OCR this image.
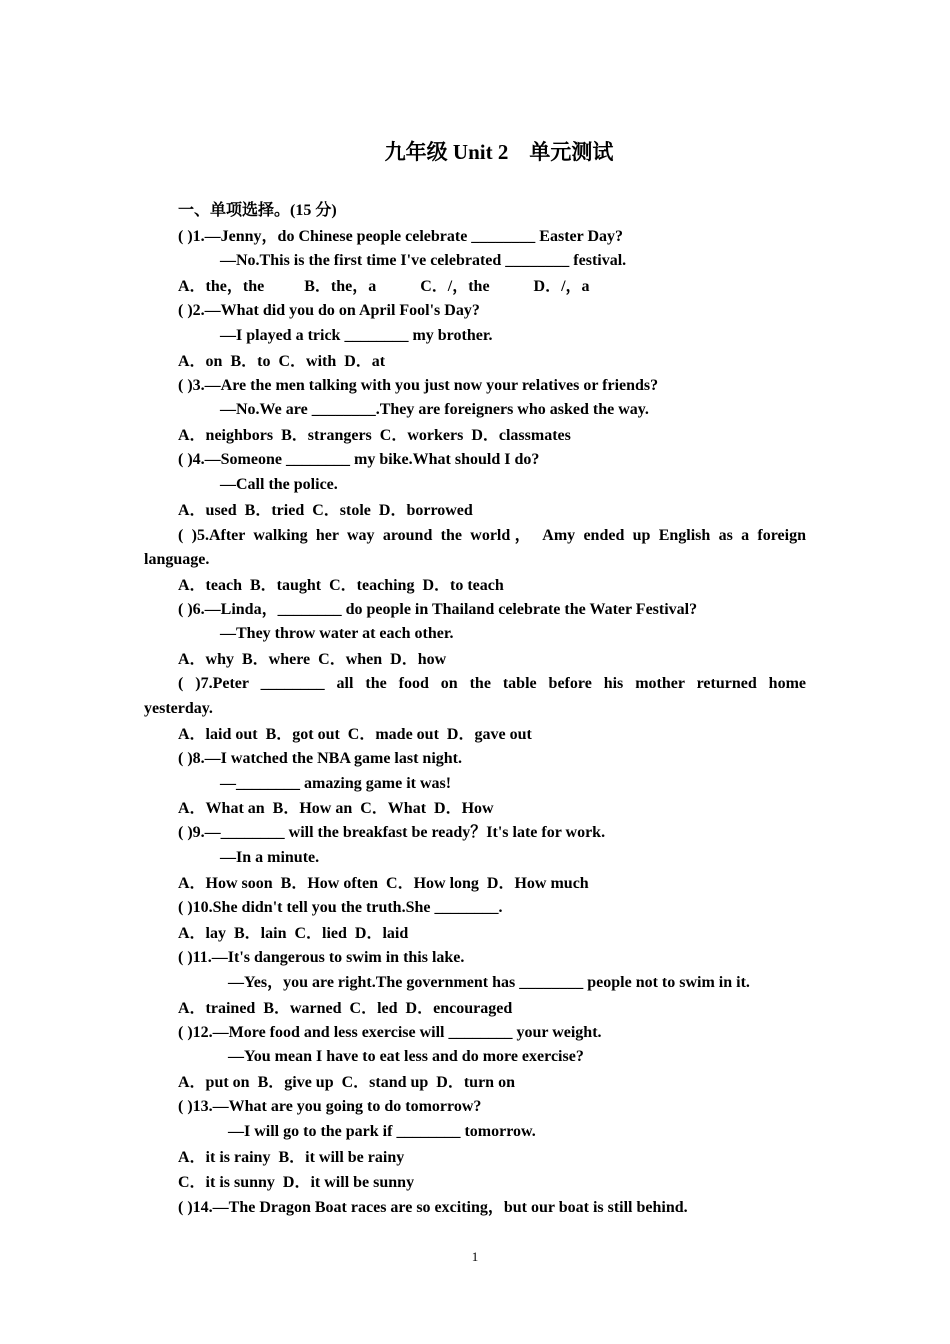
九年级 Unit 2　单元测试
一、单项选择。(15 分)
( )1.—Jenny，do Chinese people celebrate ________ Easter Day?
—No.This is the first time I've celebrated ________ festival.
A．the，the          B．the，a           C．/，the           D．/，a
( )2.—What did you do on April Fool's Day?
—I played a trick ________ my brother.
A．on  B．to  C．with  D．at
( )3.—Are the men talking with you just now your relatives or friends?
—No.We are ________.They are foreigners who asked the way.
A．neighbors  B．strangers  C．workers  D．classmates
( )4.—Someone ________ my bike.What should I do?
—Call the police.
A．used  B．tried  C．stole  D．borrowed
( )5.After walking her way around the world， Amy ended up English as a foreign
language.
A．teach  B．taught  C．teaching  D．to teach
( )6.—Linda，________ do people in Thailand celebrate the Water Festival?
—They throw water at each other.
A．why  B．where  C．when  D．how
( )7.Peter ________ all the food on the table before his mother returned home
yesterday.
A．laid out  B．got out  C．made out  D．gave out
( )8.—I watched the NBA game last night.
—________ amazing game it was!
A．What an  B．How an  C．What  D．How
( )9.—________ will the breakfast be ready？It's late for work.
—In a minute.
A．How soon  B．How often  C．How long  D．How much
( )10.She didn't tell you the truth.She ________.
A．lay  B．lain  C．lied  D．laid
( )11.—It's dangerous to swim in this lake.
—Yes，you are right.The government has ________ people not to swim in it.
A．trained  B．warned  C．led  D．encouraged
( )12.—More food and less exercise will ________ your weight.
—You mean I have to eat less and do more exercise?
A．put on  B．give up  C．stand up  D．turn on
( )13.—What are you going to do tomorrow?
—I will go to the park if ________ tomorrow.
A．it is rainy  B．it will be rainy
C．it is sunny  D．it will be sunny
( )14.—The Dragon Boat races are so exciting，but our boat is still behind.
1
